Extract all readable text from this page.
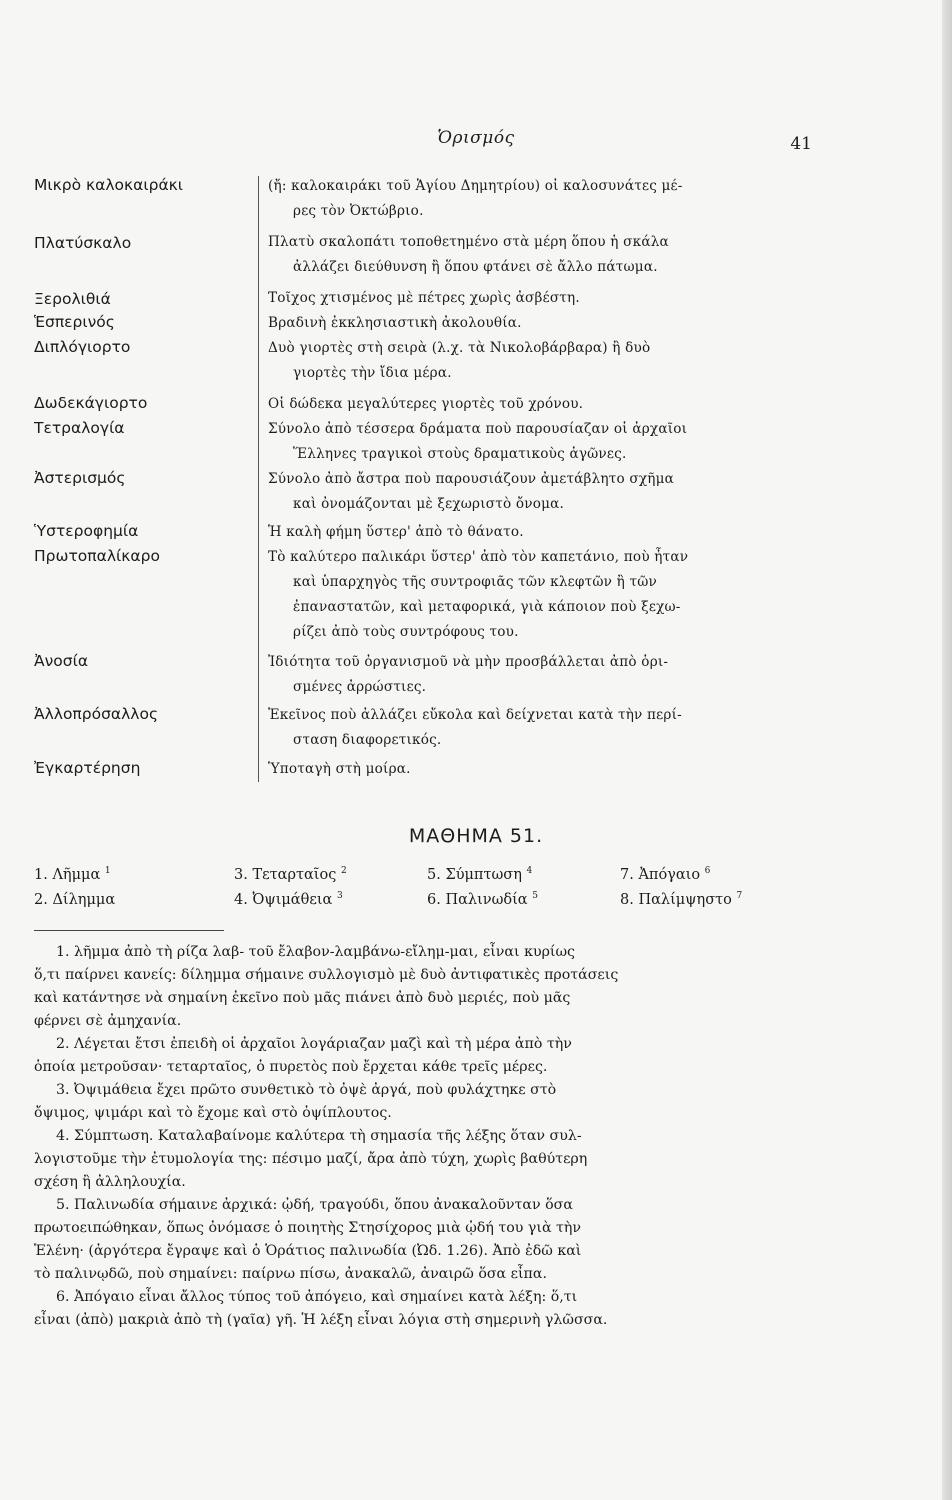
Ὁρισμός	41
Μικρὸ καλοκαιράκι
Πλατύσκαλο
Ξερολιθιά
Ἑσπερινός
Διπλόγιορτο
Δωδεκάγιορτο
Τετραλογία
Ἀστερισμός
Ὑστεροφημία
Πρωτοπαλίκαρο
Ἀνοσία
Ἀλλοπρόσαλλος
Ἐγκαρτέρηση
(ἤ: καλοκαιράκι τοῦ Ἁγίου Δημητρίου) οἱ καλοσυνάτες μέ-
ρες τὸν Ὀκτώβριο.
Πλατὺ σκαλοπάτι τοποθετημένο στὰ μέρη ὅπου ἡ σκάλα
ἀλλάζει διεύθυνση ἢ ὅπου φτάνει σὲ ἄλλο πάτωμα.
Τοῖχος χτισμένος μὲ πέτρες χωρὶς ἀσβέστη.
Βραδινὴ ἐκκλησιαστικὴ ἀκολουθία.
Δυὸ γιορτὲς στὴ σειρὰ (λ.χ. τὰ Νικολοβάρβαρα) ἢ δυὸ
γιορτὲς τὴν ἴδια μέρα.
Οἱ δώδεκα μεγαλύτερες γιορτὲς τοῦ χρόνου.
Σύνολο ἀπὸ τέσσερα δράματα ποὺ παρουσίαζαν οἱ ἀρχαῖοι
Ἕλληνες τραγικοὶ στοὺς δραματικοὺς ἀγῶνες.
Σύνολο ἀπὸ ἄστρα ποὺ παρουσιάζουν ἀμετάβλητο σχῆμα
καὶ ὀνομάζονται μὲ ξεχωριστὸ ὄνομα.
Ἡ καλὴ φήμη ὕστερ' ἀπὸ τὸ θάνατο.
Τὸ καλύτερο παλικάρι ὕστερ' ἀπὸ τὸν καπετάνιο, ποὺ ἦταν
καὶ ὑπαρχηγὸς τῆς συντροφιᾶς τῶν κλεφτῶν ἢ τῶν
ἐπαναστατῶν, καὶ μεταφορικά, γιὰ κάποιον ποὺ ξεχω-
ρίζει ἀπὸ τοὺς συντρόφους του.
Ἰδιότητα τοῦ ὀργανισμοῦ νὰ μὴν προσβάλλεται ἀπὸ ὁρι-
σμένες ἀρρώστιες.
Ἐκεῖνος ποὺ ἀλλάζει εὔκολα καὶ δείχνεται κατὰ τὴν περί-
σταση διαφορετικός.
Ὑποταγὴ στὴ μοίρα.
ΜΑΘΗΜΑ 51.
1. Λῆμμα $^1$
2. Δίλημμα
3. Τεταρταῖος $^2$
4. Ὀψιμάθεια $^3$
5. Σύμπτωση $^4$
6. Παλινωδία $^5$
7. Ἀπόγαιο $^6$
8. Παλίμψηστο $^7$
1. λῆμμα ἀπὸ τὴ ρίζα λαβ- τοῦ ἔλαβον-λαμβάνω-εἴλημ-μαι, εἶναι κυρίως
ὅ,τι παίρνει κανείς: δίλημμα σήμαινε συλλογισμὸ μὲ δυὸ ἀντιφατικὲς προτάσεις
καὶ κατάντησε νὰ σημαίνη ἐκεῖνο ποὺ μᾶς πιάνει ἀπὸ δυὸ μεριές, ποὺ μᾶς
φέρνει σὲ ἀμηχανία.
2. Λέγεται ἔτσι ἐπειδὴ οἱ ἀρχαῖοι λογάριαζαν μαζὶ καὶ τὴ μέρα ἀπὸ τὴν
ὁποία μετροῦσαν· τεταρταῖος, ὁ πυρετὸς ποὺ ἔρχεται κάθε τρεῖς μέρες.
3. Ὀψιμάθεια ἔχει πρῶτο συνθετικὸ τὸ ὀψὲ ἀργά, ποὺ φυλάχτηκε στὸ
ὄψιμος, ψιμάρι καὶ τὸ ἔχομε καὶ στὸ ὀψίπλουτος.
4. Σύμπτωση. Καταλαβαίνομε καλύτερα τὴ σημασία τῆς λέξης ὅταν συλ-
λογιστοῦμε τὴν ἐτυμολογία της: πέσιμο μαζί, ἄρα ἀπὸ τύχη, χωρὶς βαθύτερη
σχέση ἢ ἀλληλουχία.
5. Παλινωδία σήμαινε ἀρχικά: ᾠδή, τραγούδι, ὅπου ἀνακαλοῦνταν ὅσα
πρωτοειπώθηκαν, ὅπως ὀνόμασε ὁ ποιητὴς Στησίχορος μιὰ ᾠδή του γιὰ τὴν
Ἑλένη· (ἀργότερα ἔγραψε καὶ ὁ Ὁράτιος παλινωδία (Ὠδ. 1.26). Ἀπὸ ἐδῶ καὶ
τὸ παλινῳδῶ, ποὺ σημαίνει: παίρνω πίσω, ἀνακαλῶ, ἀναιρῶ ὅσα εἶπα.
6. Ἀπόγαιο εἶναι ἄλλος τύπος τοῦ ἀπόγειο, καὶ σημαίνει κατὰ λέξη: ὅ,τι
εἶναι (ἀπὸ) μακριὰ ἀπὸ τὴ (γαῖα) γῆ. Ἡ λέξη εἶναι λόγια στὴ σημερινὴ γλῶσσα.
